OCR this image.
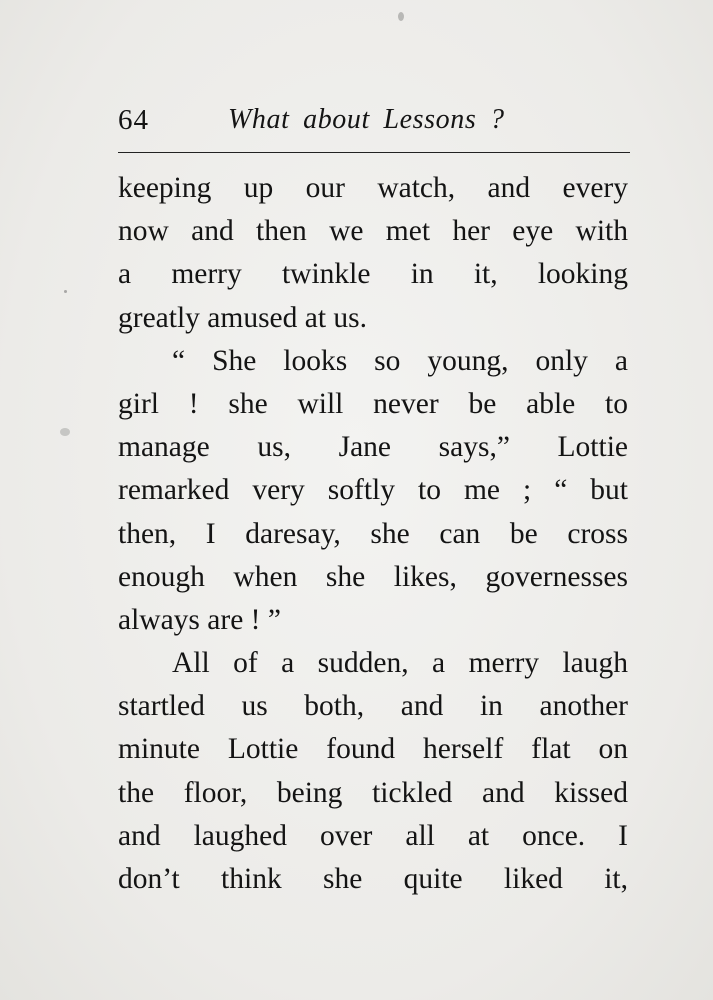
64	What about Lessons ?
keeping up our watch, and every
now and then we met her eye with
a merry twinkle in it, looking
greatly amused at us.
“ She looks so young, only a
girl ! she will never be able to
manage us, Jane says,” Lottie
remarked very softly to me ; “ but
then, I daresay, she can be cross
enough when she likes, governesses
always are ! ”
All of a sudden, a merry laugh
startled us both, and in another
minute Lottie found herself flat on
the floor, being tickled and kissed
and laughed over all at once. I
don’t think she quite liked it,
